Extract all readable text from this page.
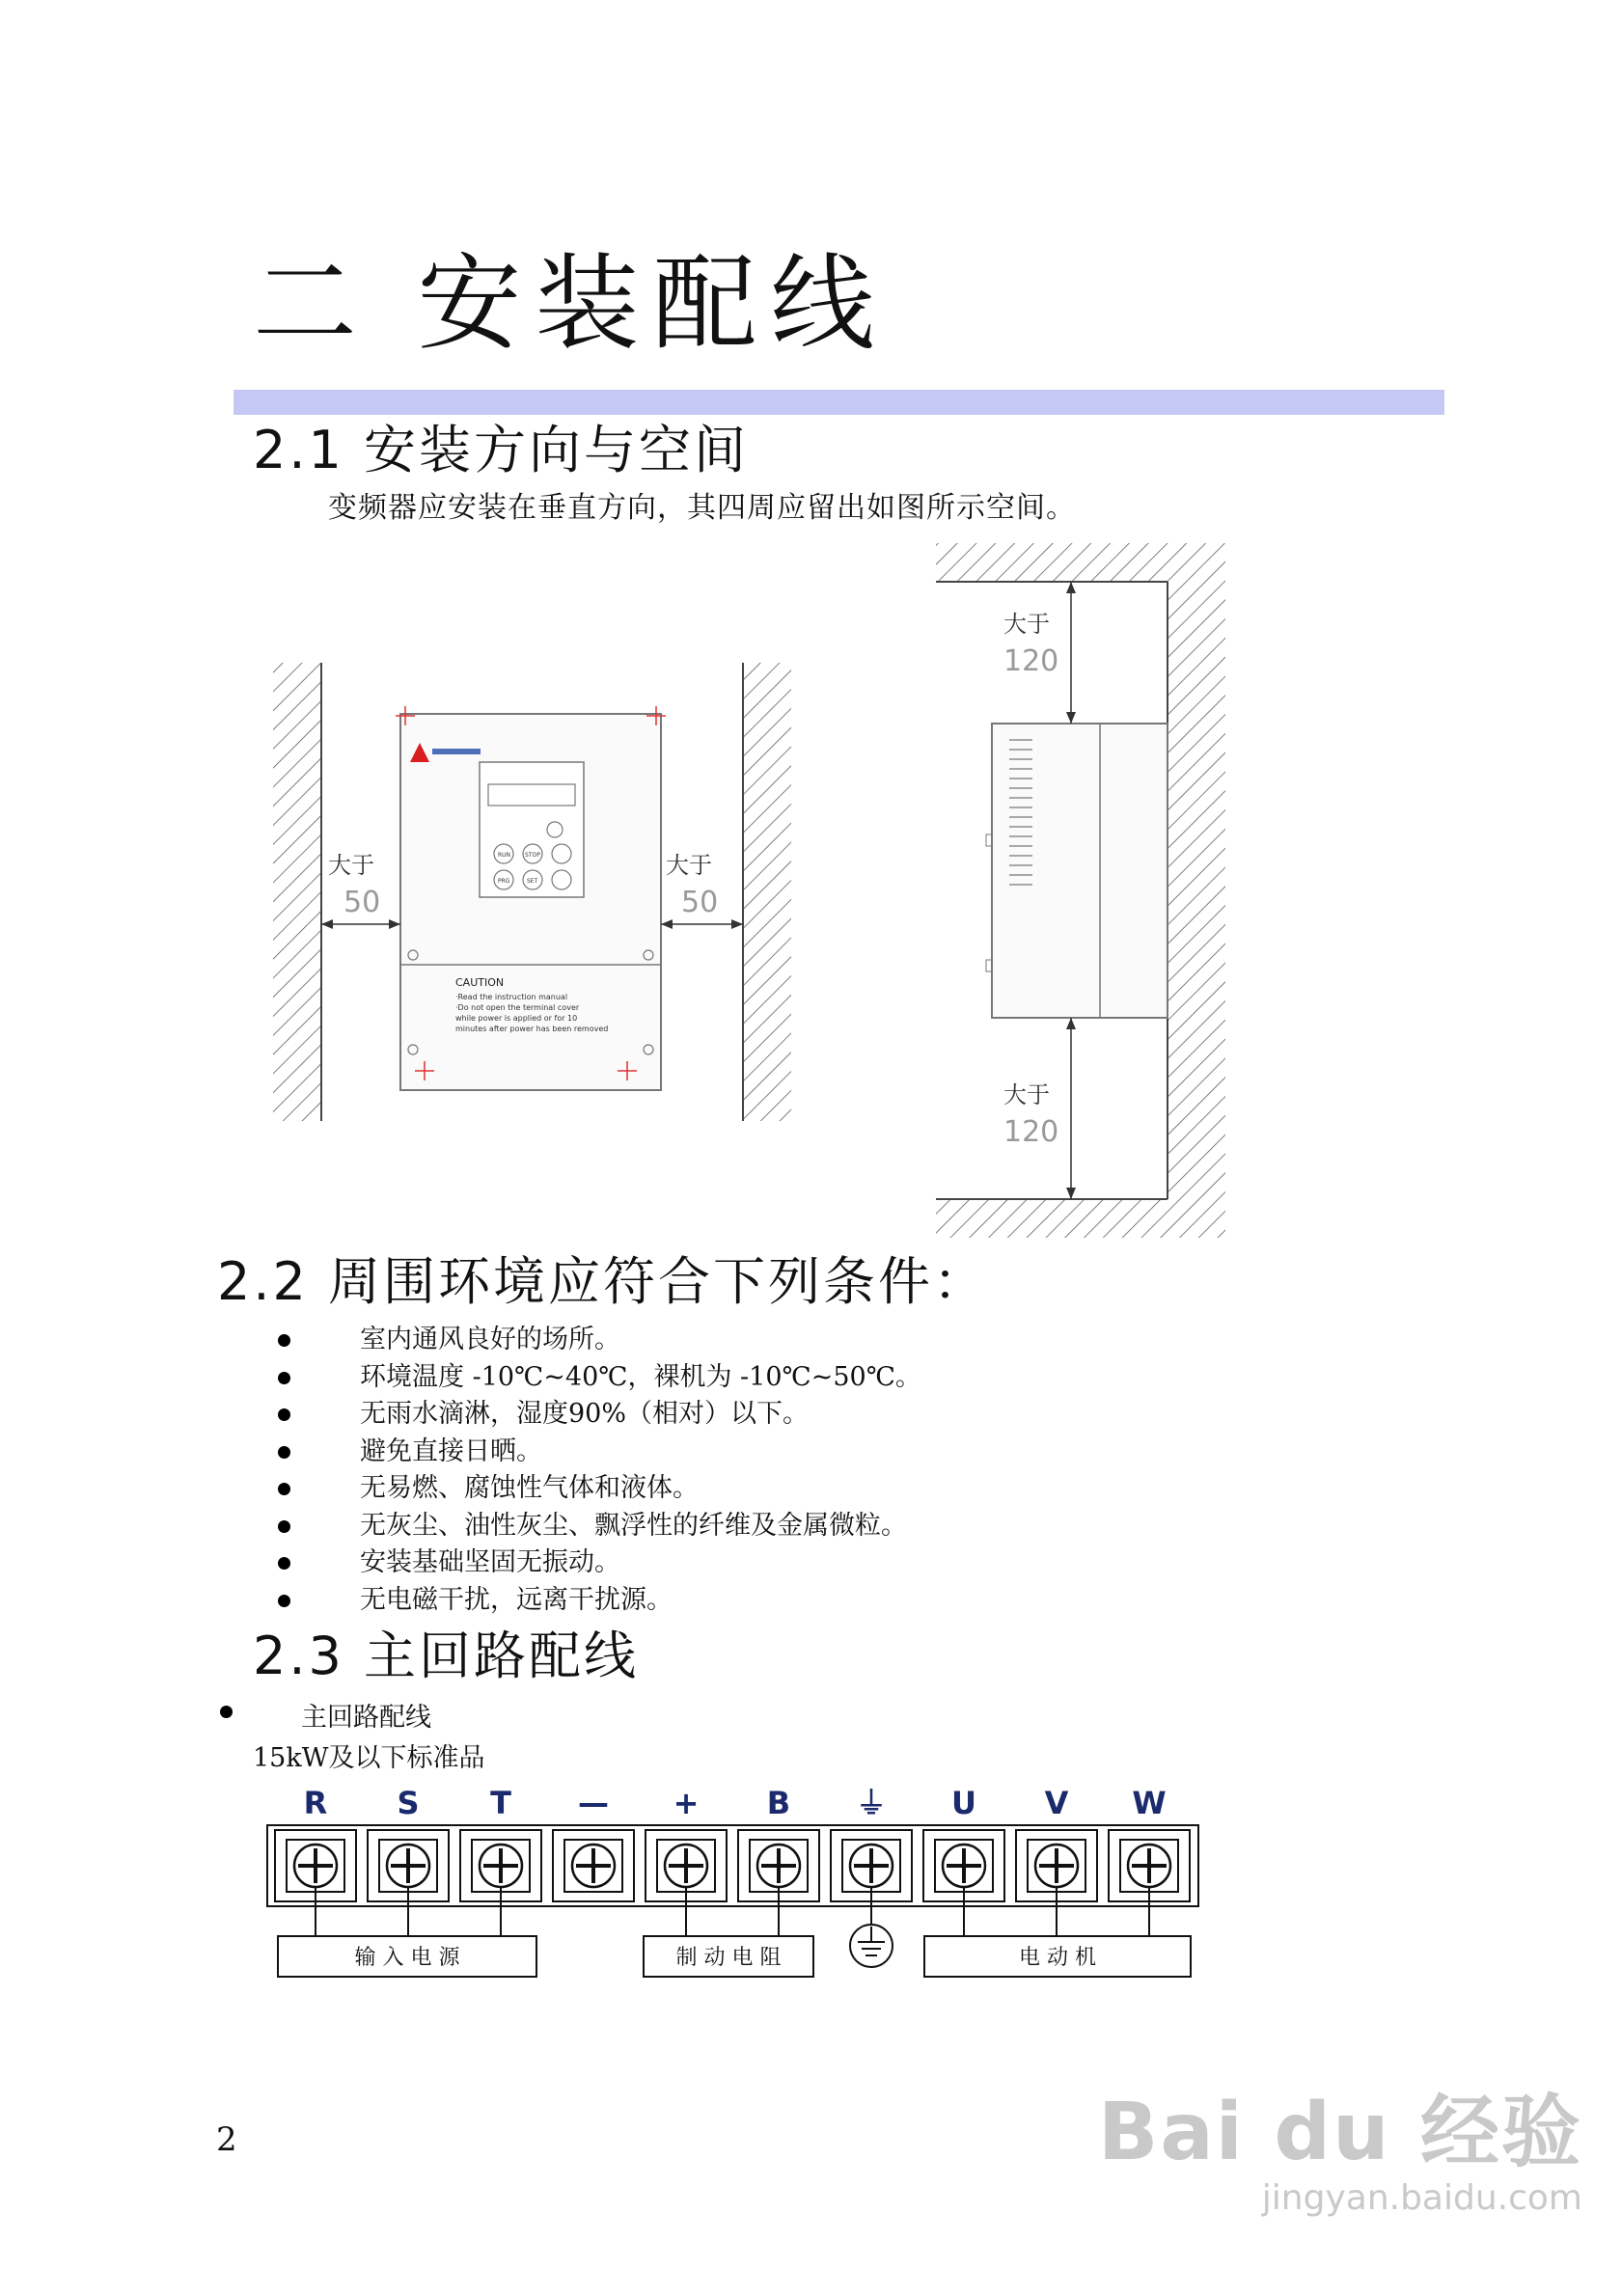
二 安装配线
2.1 安装方向与空间
变频器应安装在垂直方向，其四周应留出如图所示空间。
CAUTION
·Read the instruction manual
·Do not open the terminal cover
while power is applied or for 10
minutes after power has been removed
RUN
PRG
STOP
SET
大于
50
大于
50
大于
120
大于
120
2.2 周围环境应符合下列条件：
室内通风良好的场所。
环境温度 -10℃~40℃，裸机为 -10℃~50℃。
无雨水滴淋，湿度90%（相对）以下。
避免直接日晒。
无易燃、腐蚀性气体和液体。
无灰尘、油性灰尘、飘浮性的纤维及金属微粒。
安装基础坚固无振动。
无电磁干扰，远离干扰源。
2.3 主回路配线
主回路配线
15kW及以下标准品
R S T — + B ⏚ U V W
输 入 电 源	制 动 电 阻	电 动 机
2	Bai du 经验
jingyan.baidu.com
